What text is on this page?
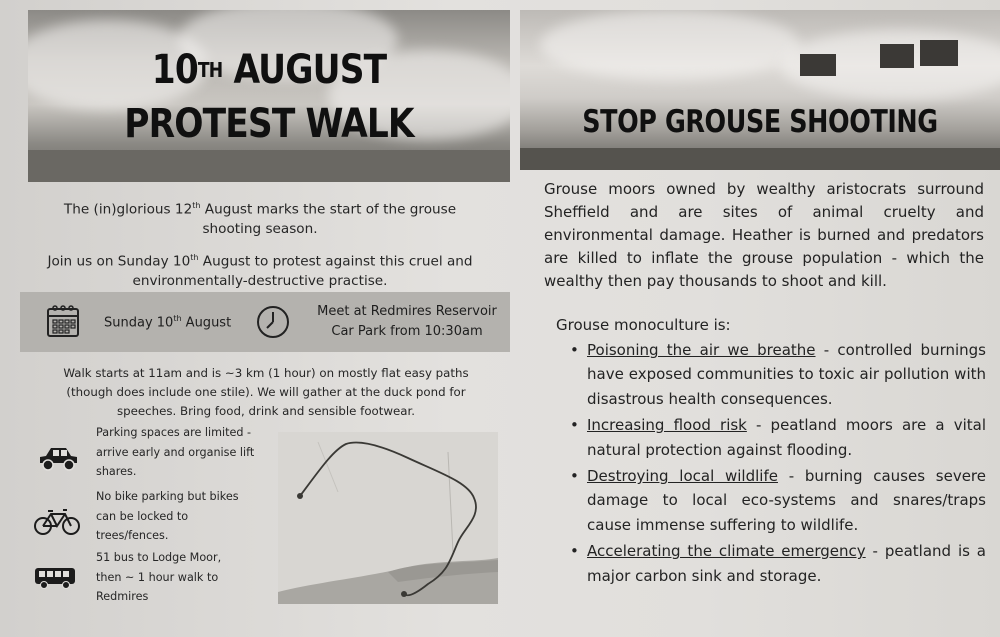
10TH AUGUST
PROTEST WALK	STOP GROUSE SHOOTING
The (in)glorious 12th August marks the start of the grouse
shooting season.
Join us on Sunday 10th August to protest against this cruel and
environmentally-destructive practise.
Sunday 10th August
Meet at Redmires Reservoir
Car Park from 10:30am
Walk starts at 11am and is ~3 km (1 hour) on mostly flat easy paths
(though does include one stile). We will gather at the duck pond for
speeches. Bring food, drink and sensible footwear.
Parking spaces are limited -
arrive early and organise lift
shares.
No bike parking but bikes
can be locked to
trees/fences.
51 bus to Lodge Moor,
then ~ 1 hour walk to
Redmires
Grouse moors owned by wealthy aristocrats surround Sheffield and are sites of animal cruelty and environmental damage. Heather is burned and predators are killed to inflate the grouse population - which the wealthy then pay thousands to shoot and kill.
Grouse monoculture is:
• Poisoning the air we breathe - controlled burnings have exposed communities to toxic air pollution with disastrous health consequences.
• Increasing flood risk - peatland moors are a vital natural protection against flooding.
• Destroying local wildlife - burning causes severe damage to local eco-systems and snares/traps cause immense suffering to wildlife.
• Accelerating the climate emergency - peatland is a major carbon sink and storage.
